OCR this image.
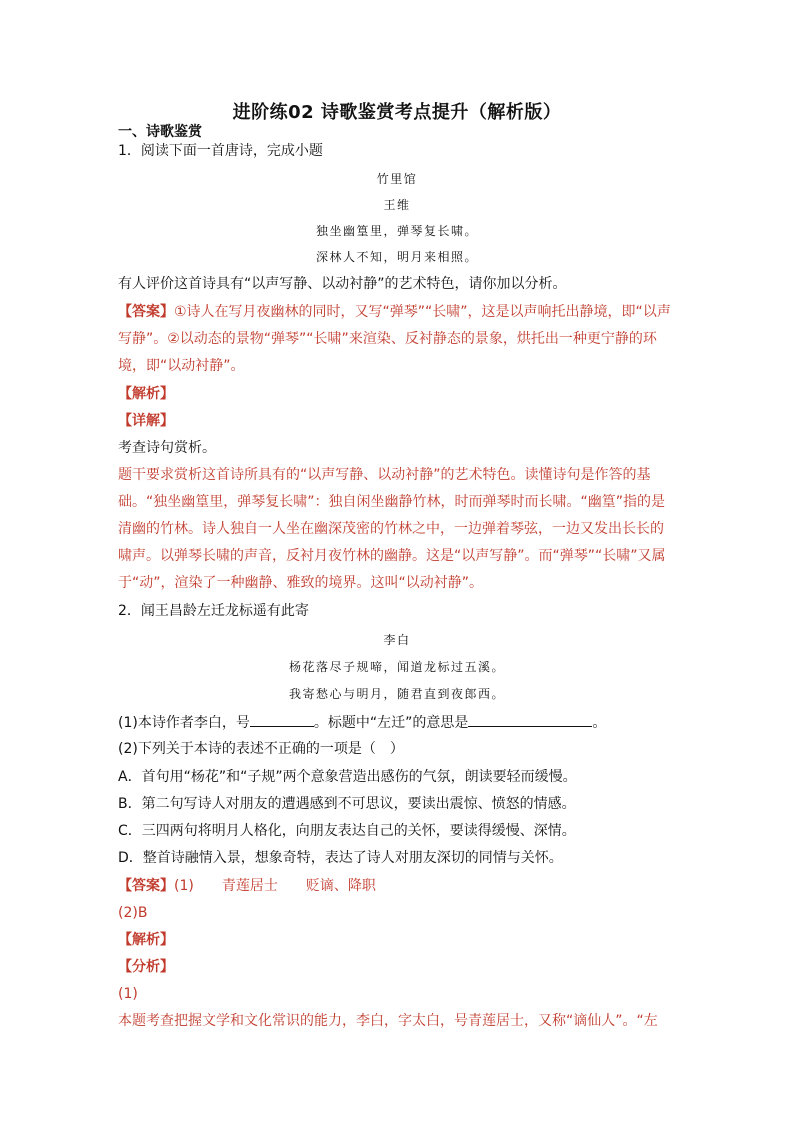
进阶练02 诗歌鉴赏考点提升（解析版）
一、诗歌鉴赏
1．阅读下面一首唐诗，完成小题
竹里馆
王维
独坐幽篁里，弹琴复长啸。
深林人不知，明月来相照。
有人评价这首诗具有“以声写静、以动衬静”的艺术特色，请你加以分析。
【答案】①诗人在写月夜幽林的同时，又写“弹琴”“长啸”，这是以声响托出静境，即“以声
写静”。②以动态的景物“弹琴”“长啸”来渲染、反衬静态的景象，烘托出一种更宁静的环
境，即“以动衬静”。
【解析】
【详解】
考查诗句赏析。
题干要求赏析这首诗所具有的“以声写静、以动衬静”的艺术特色。读懂诗句是作答的基
础。“独坐幽篁里，弹琴复长啸”：独自闲坐幽静竹林，时而弹琴时而长啸。“幽篁”指的是
清幽的竹林。诗人独自一人坐在幽深茂密的竹林之中，一边弹着琴弦，一边又发出长长的
啸声。以弹琴长啸的声音，反衬月夜竹林的幽静。这是“以声写静”。而“弹琴”“长啸”又属
于“动”，渲染了一种幽静、雅致的境界。这叫“以动衬静”。
2．闻王昌龄左迁龙标遥有此寄
李白
杨花落尽子规啼，闻道龙标过五溪。
我寄愁心与明月，随君直到夜郎西。
(1)本诗作者李白，号	。标题中“左迁”的意思是	。
(2)下列关于本诗的表述不正确的一项是（　）
A．首句用“杨花”和“子规”两个意象营造出感伤的气氛，朗读要轻而缓慢。
B．第二句写诗人对朋友的遭遇感到不可思议，要读出震惊、愤怒的情感。
C．三四两句将明月人格化，向朋友表达自己的关怀，要读得缓慢、深情。
D．整首诗融情入景，想象奇特，表达了诗人对朋友深切的同情与关怀。
【答案】(1)　　青莲居士　　贬谪、降职
(2)B
【解析】
【分析】
(1)
本题考查把握文学和文化常识的能力，李白，字太白，号青莲居士，又称“谪仙人”。“左
